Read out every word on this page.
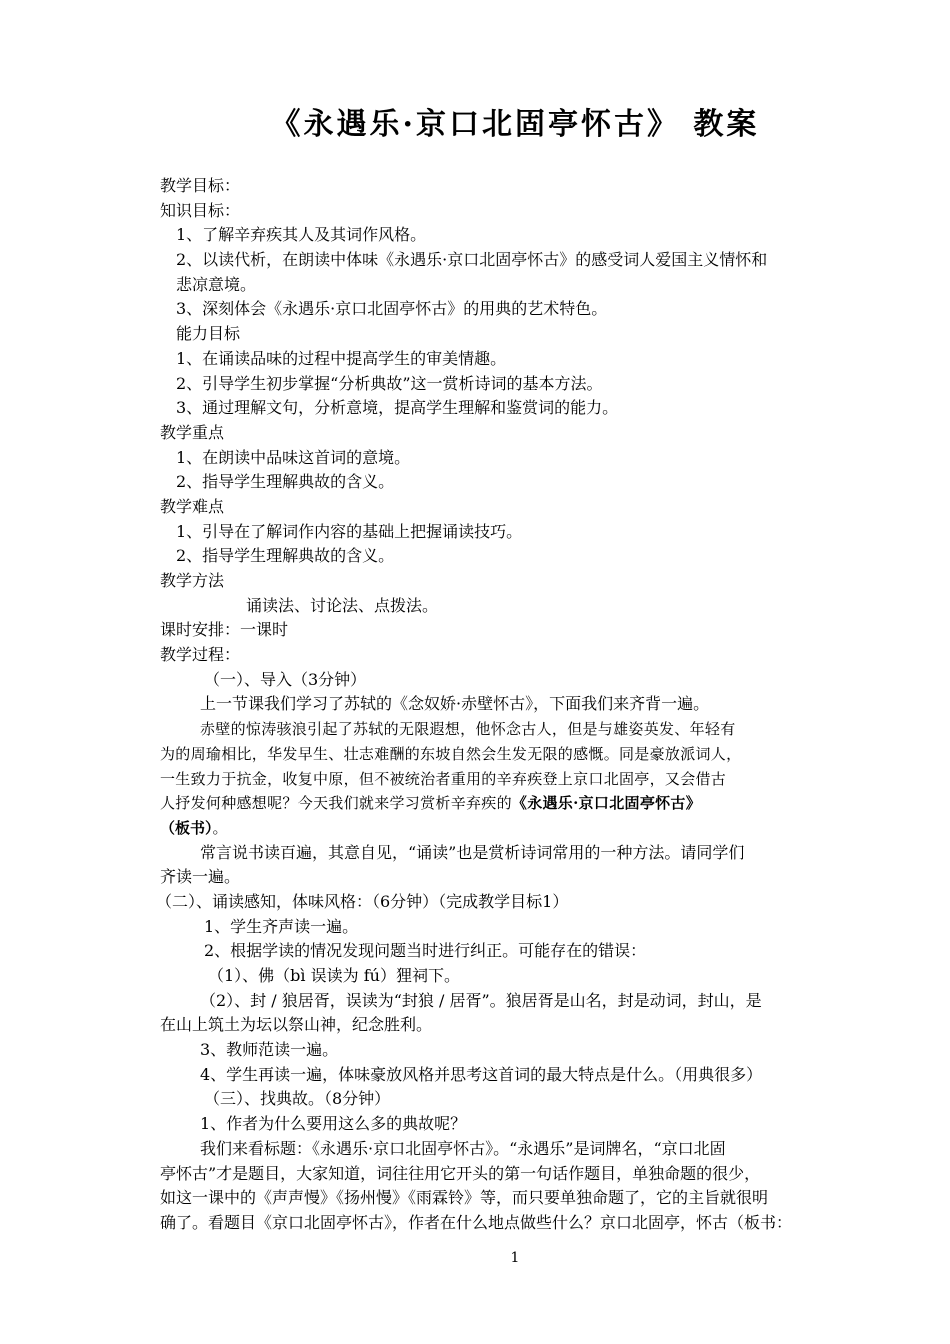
《永遇乐·京口北固亭怀古》 教案
教学目标：
知识目标：
1、了解辛弃疾其人及其词作风格。
2、以读代析，在朗读中体味《永遇乐·京口北固亭怀古》的感受词人爱国主义情怀和
悲凉意境。
3、深刻体会《永遇乐·京口北固亭怀古》的用典的艺术特色。
能力目标
1、在诵读品味的过程中提高学生的审美情趣。
2、引导学生初步掌握“分析典故”这一赏析诗词的基本方法。
3、通过理解文句，分析意境，提高学生理解和鉴赏词的能力。
教学重点
1、在朗读中品味这首词的意境。
2、指导学生理解典故的含义。
教学难点
1、引导在了解词作内容的基础上把握诵读技巧。
2、指导学生理解典故的含义。
教学方法
诵读法、讨论法、点拨法。
课时安排：一课时
教学过程：
（一）、导入（3分钟）
上一节课我们学习了苏轼的《念奴娇·赤壁怀古》，下面我们来齐背一遍。
赤壁的惊涛骇浪引起了苏轼的无限遐想，他怀念古人，但是与雄姿英发、年轻有
为的周瑜相比，华发早生、壮志难酬的东坡自然会生发无限的感慨。同是豪放派词人，
一生致力于抗金，收复中原，但不被统治者重用的辛弃疾登上京口北固亭，又会借古
人抒发何种感想呢？今天我们就来学习赏析辛弃疾的《永遇乐·京口北固亭怀古》
（板书）。
常言说书读百遍，其意自见，“诵读”也是赏析诗词常用的一种方法。请同学们
齐读一遍。
（二）、诵读感知，体味风格：（6分钟）（完成教学目标1）
1、学生齐声读一遍。
2、根据学读的情况发现问题当时进行纠正。可能存在的错误：
（1）、佛（bì 误读为 fú）狸祠下。
（2）、封 / 狼居胥，误读为“封狼 / 居胥”。狼居胥是山名，封是动词，封山，是
在山上筑土为坛以祭山神，纪念胜利。
3、教师范读一遍。
4、学生再读一遍，体味豪放风格并思考这首词的最大特点是什么。（用典很多）
（三）、找典故。（8分钟）
1、作者为什么要用这么多的典故呢？
我们来看标题：《永遇乐·京口北固亭怀古》。“永遇乐”是词牌名，“京口北固
亭怀古”才是题目，大家知道，词往往用它开头的第一句话作题目，单独命题的很少，
如这一课中的《声声慢》《扬州慢》《雨霖铃》等，而只要单独命题了，它的主旨就很明
确了。看题目《京口北固亭怀古》，作者在什么地点做些什么？京口北固亭，怀古（板书：
1
